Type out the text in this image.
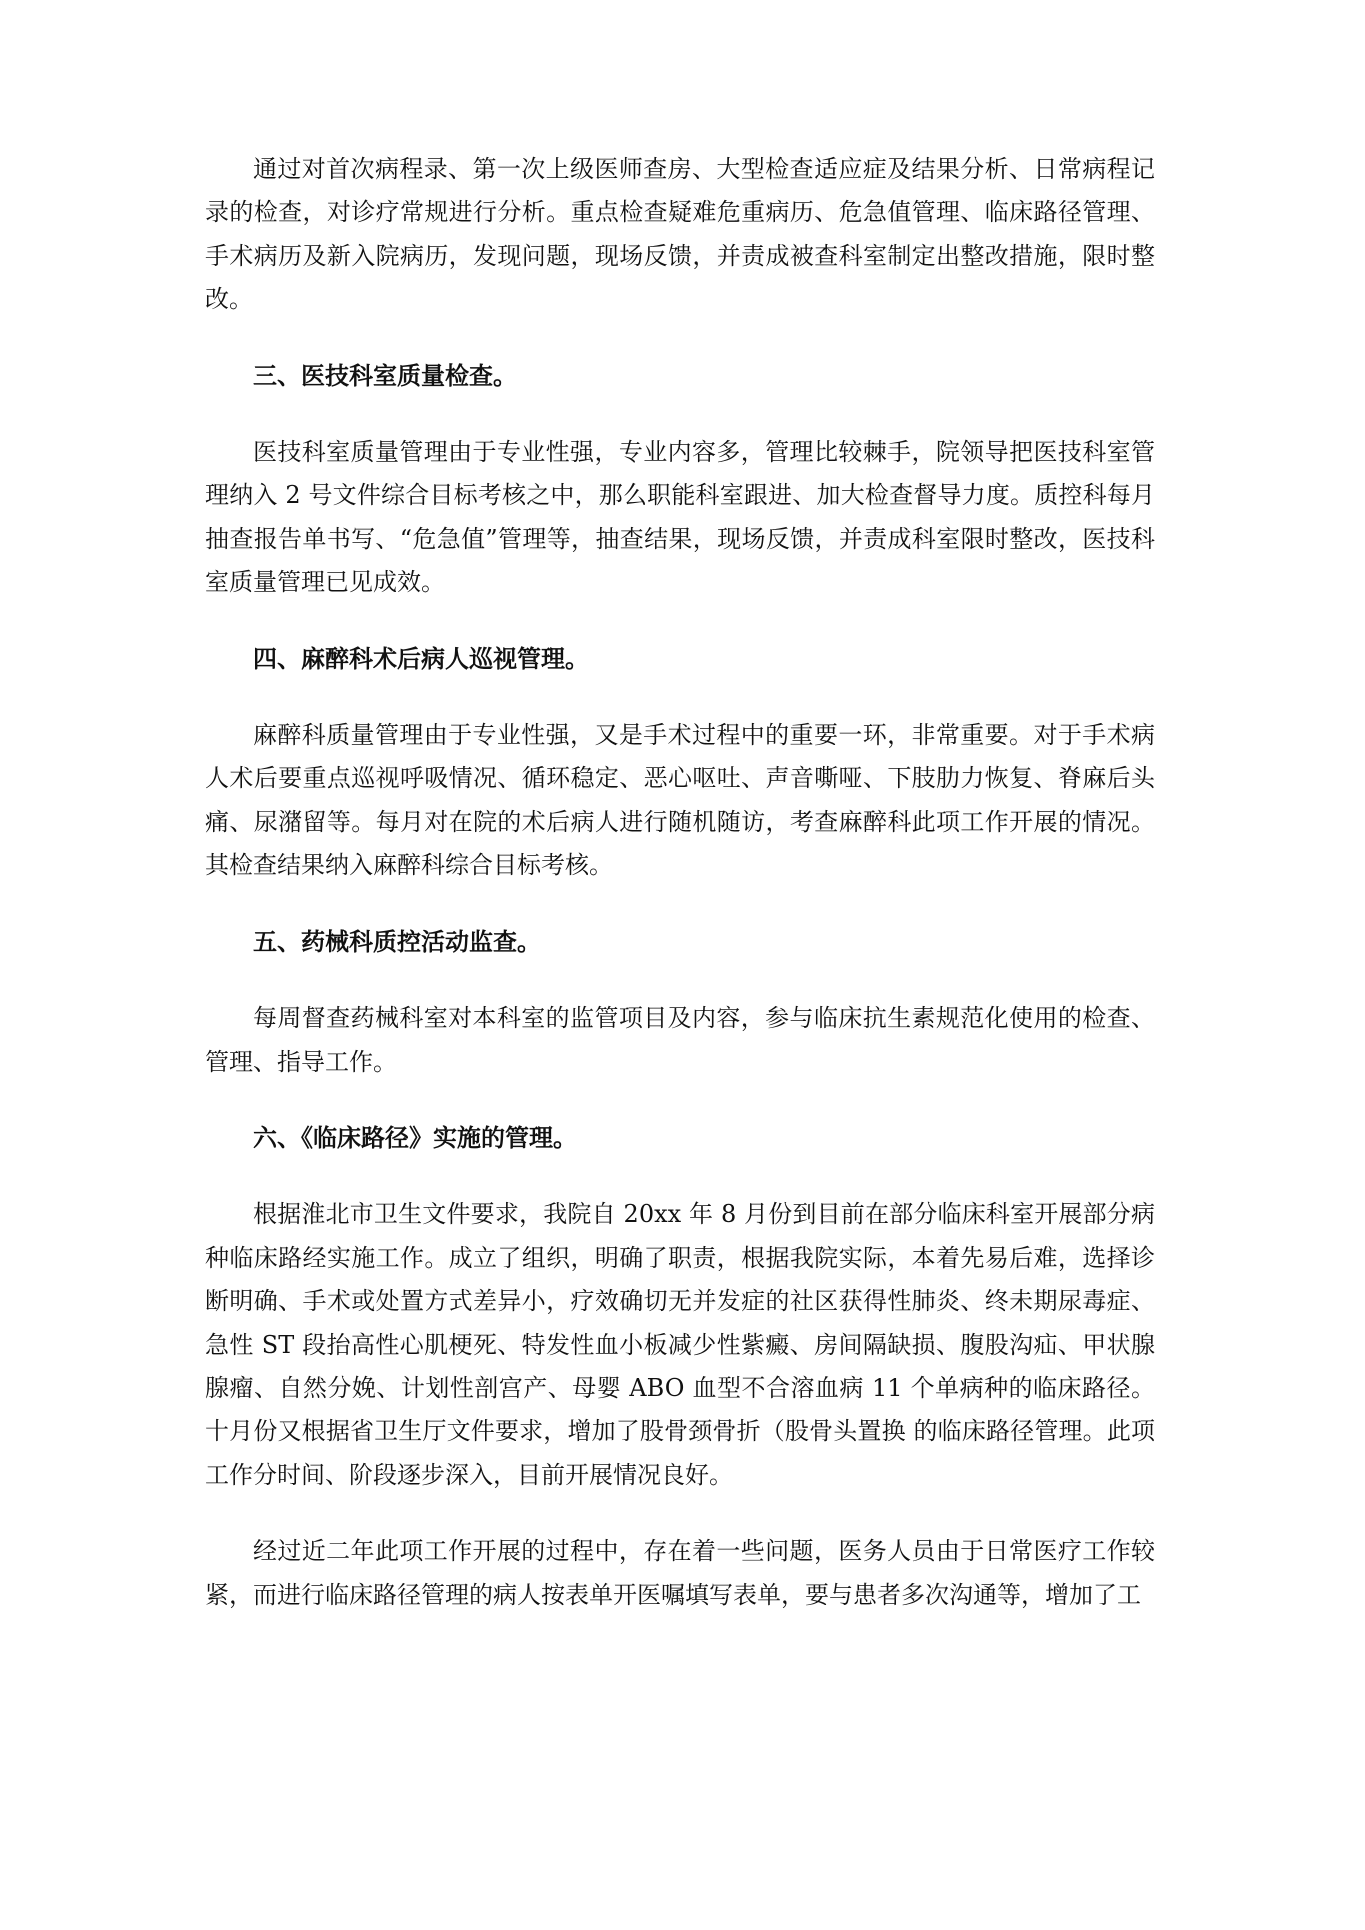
通过对首次病程录、第一次上级医师查房、大型检查适应症及结果分析、日常病程记录的检查，对诊疗常规进行分析。重点检查疑难危重病历、危急值管理、临床路径管理、手术病历及新入院病历，发现问题，现场反馈，并责成被查科室制定出整改措施，限时整改。

三、医技科室质量检查。

医技科室质量管理由于专业性强，专业内容多，管理比较棘手，院领导把医技科室管理纳入 2 号文件综合目标考核之中，那么职能科室跟进、加大检查督导力度。质控科每月抽查报告单书写、“危急值”管理等，抽查结果，现场反馈，并责成科室限时整改，医技科室质量管理已见成效。

四、麻醉科术后病人巡视管理。

麻醉科质量管理由于专业性强，又是手术过程中的重要一环，非常重要。对于手术病人术后要重点巡视呼吸情况、循环稳定、恶心呕吐、声音嘶哑、下肢肋力恢复、脊麻后头痛、尿潴留等。每月对在院的术后病人进行随机随访，考查麻醉科此项工作开展的情况。其检查结果纳入麻醉科综合目标考核。

五、药械科质控活动监查。

每周督查药械科室对本科室的监管项目及内容，参与临床抗生素规范化使用的检查、管理、指导工作。

六、《临床路径》实施的管理。

根据淮北市卫生文件要求，我院自 20xx 年 8 月份到目前在部分临床科室开展部分病种临床路经实施工作。成立了组织，明确了职责，根据我院实际，本着先易后难，选择诊断明确、手术或处置方式差异小，疗效确切无并发症的社区获得性肺炎、终未期尿毒症、急性 ST 段抬高性心肌梗死、特发性血小板减少性紫癜、房间隔缺损、腹股沟疝、甲状腺腺瘤、自然分娩、计划性剖宫产、母婴 ABO 血型不合溶血病 11 个单病种的临床路径。十月份又根据省卫生厅文件要求，增加了股骨颈骨折（股骨头置换 的临床路径管理。此项工作分时间、阶段逐步深入，目前开展情况良好。

经过近二年此项工作开展的过程中，存在着一些问题，医务人员由于日常医疗工作较紧，而进行临床路径管理的病人按表单开医嘱填写表单，要与患者多次沟通等，增加了工
